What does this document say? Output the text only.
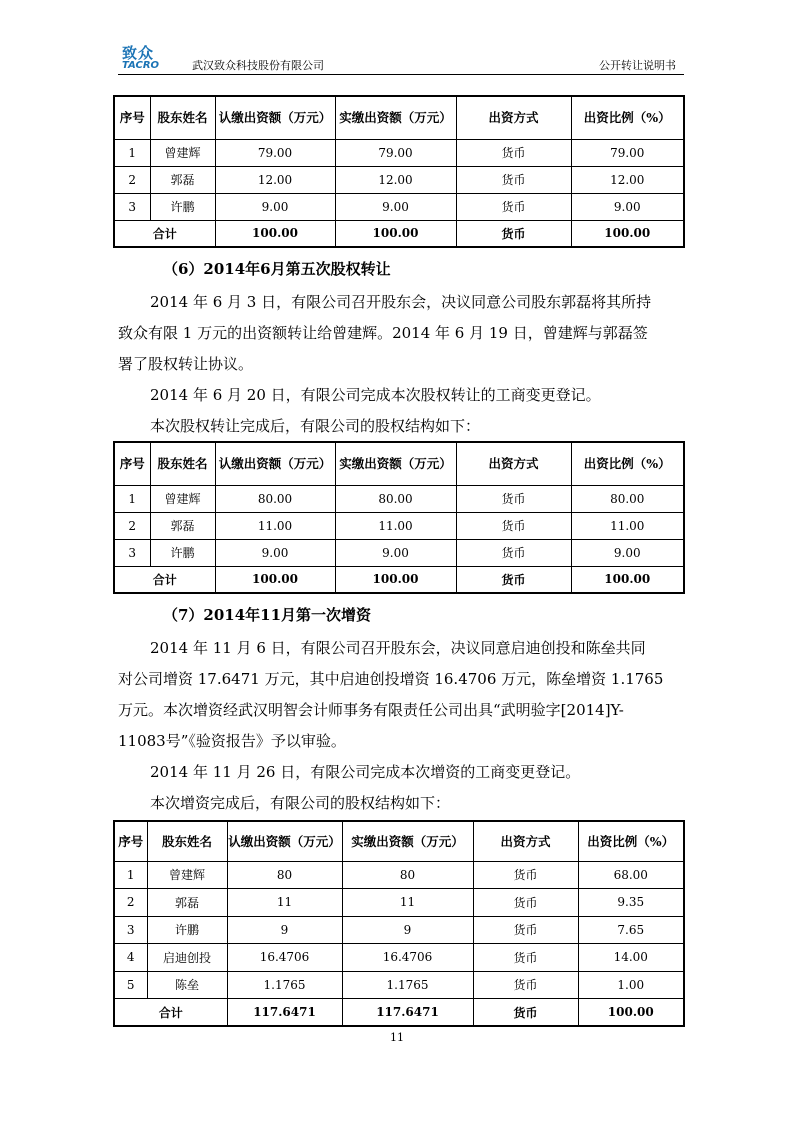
致众
TACRO	武汉致众科技股份有限公司	公开转让说明书
序号	股东姓名	认缴出资额（万元）	实缴出资额（万元）	出资方式	出资比例（%）
1	曾建辉	79.00	79.00	货币	79.00
2	郭磊	12.00	12.00	货币	12.00
3	许鹏	9.00	9.00	货币	9.00
合计		100.00	100.00	货币	100.00
（6）2014年6月第五次股权转让
2014 年 6 月 3 日，有限公司召开股东会，决议同意公司股东郭磊将其所持
致众有限 1 万元的出资额转让给曾建辉。2014 年 6 月 19 日，曾建辉与郭磊签
署了股权转让协议。
2014 年 6 月 20 日，有限公司完成本次股权转让的工商变更登记。
本次股权转让完成后，有限公司的股权结构如下：
序号	股东姓名	认缴出资额（万元）	实缴出资额（万元）	出资方式	出资比例（%）
1	曾建辉	80.00	80.00	货币	80.00
2	郭磊	11.00	11.00	货币	11.00
3	许鹏	9.00	9.00	货币	9.00
合计		100.00	100.00	货币	100.00
（7）2014年11月第一次增资
2014 年 11 月 6 日，有限公司召开股东会，决议同意启迪创投和陈垒共同
对公司增资 17.6471 万元，其中启迪创投增资 16.4706 万元，陈垒增资 1.1765
万元。本次增资经武汉明智会计师事务有限责任公司出具“武明验字[2014]Y-
11083号”《验资报告》予以审验。
2014 年 11 月 26 日，有限公司完成本次增资的工商变更登记。
本次增资完成后，有限公司的股权结构如下：
序号	股东姓名	认缴出资额（万元）	实缴出资额（万元）	出资方式	出资比例（%）
1	曾建辉	80	80	货币	68.00
2	郭磊	11	11	货币	9.35
3	许鹏	9	9	货币	7.65
4	启迪创投	16.4706	16.4706	货币	14.00
5	陈垒	1.1765	1.1765	货币	1.00
合计		117.6471	117.6471	货币	100.00
11
